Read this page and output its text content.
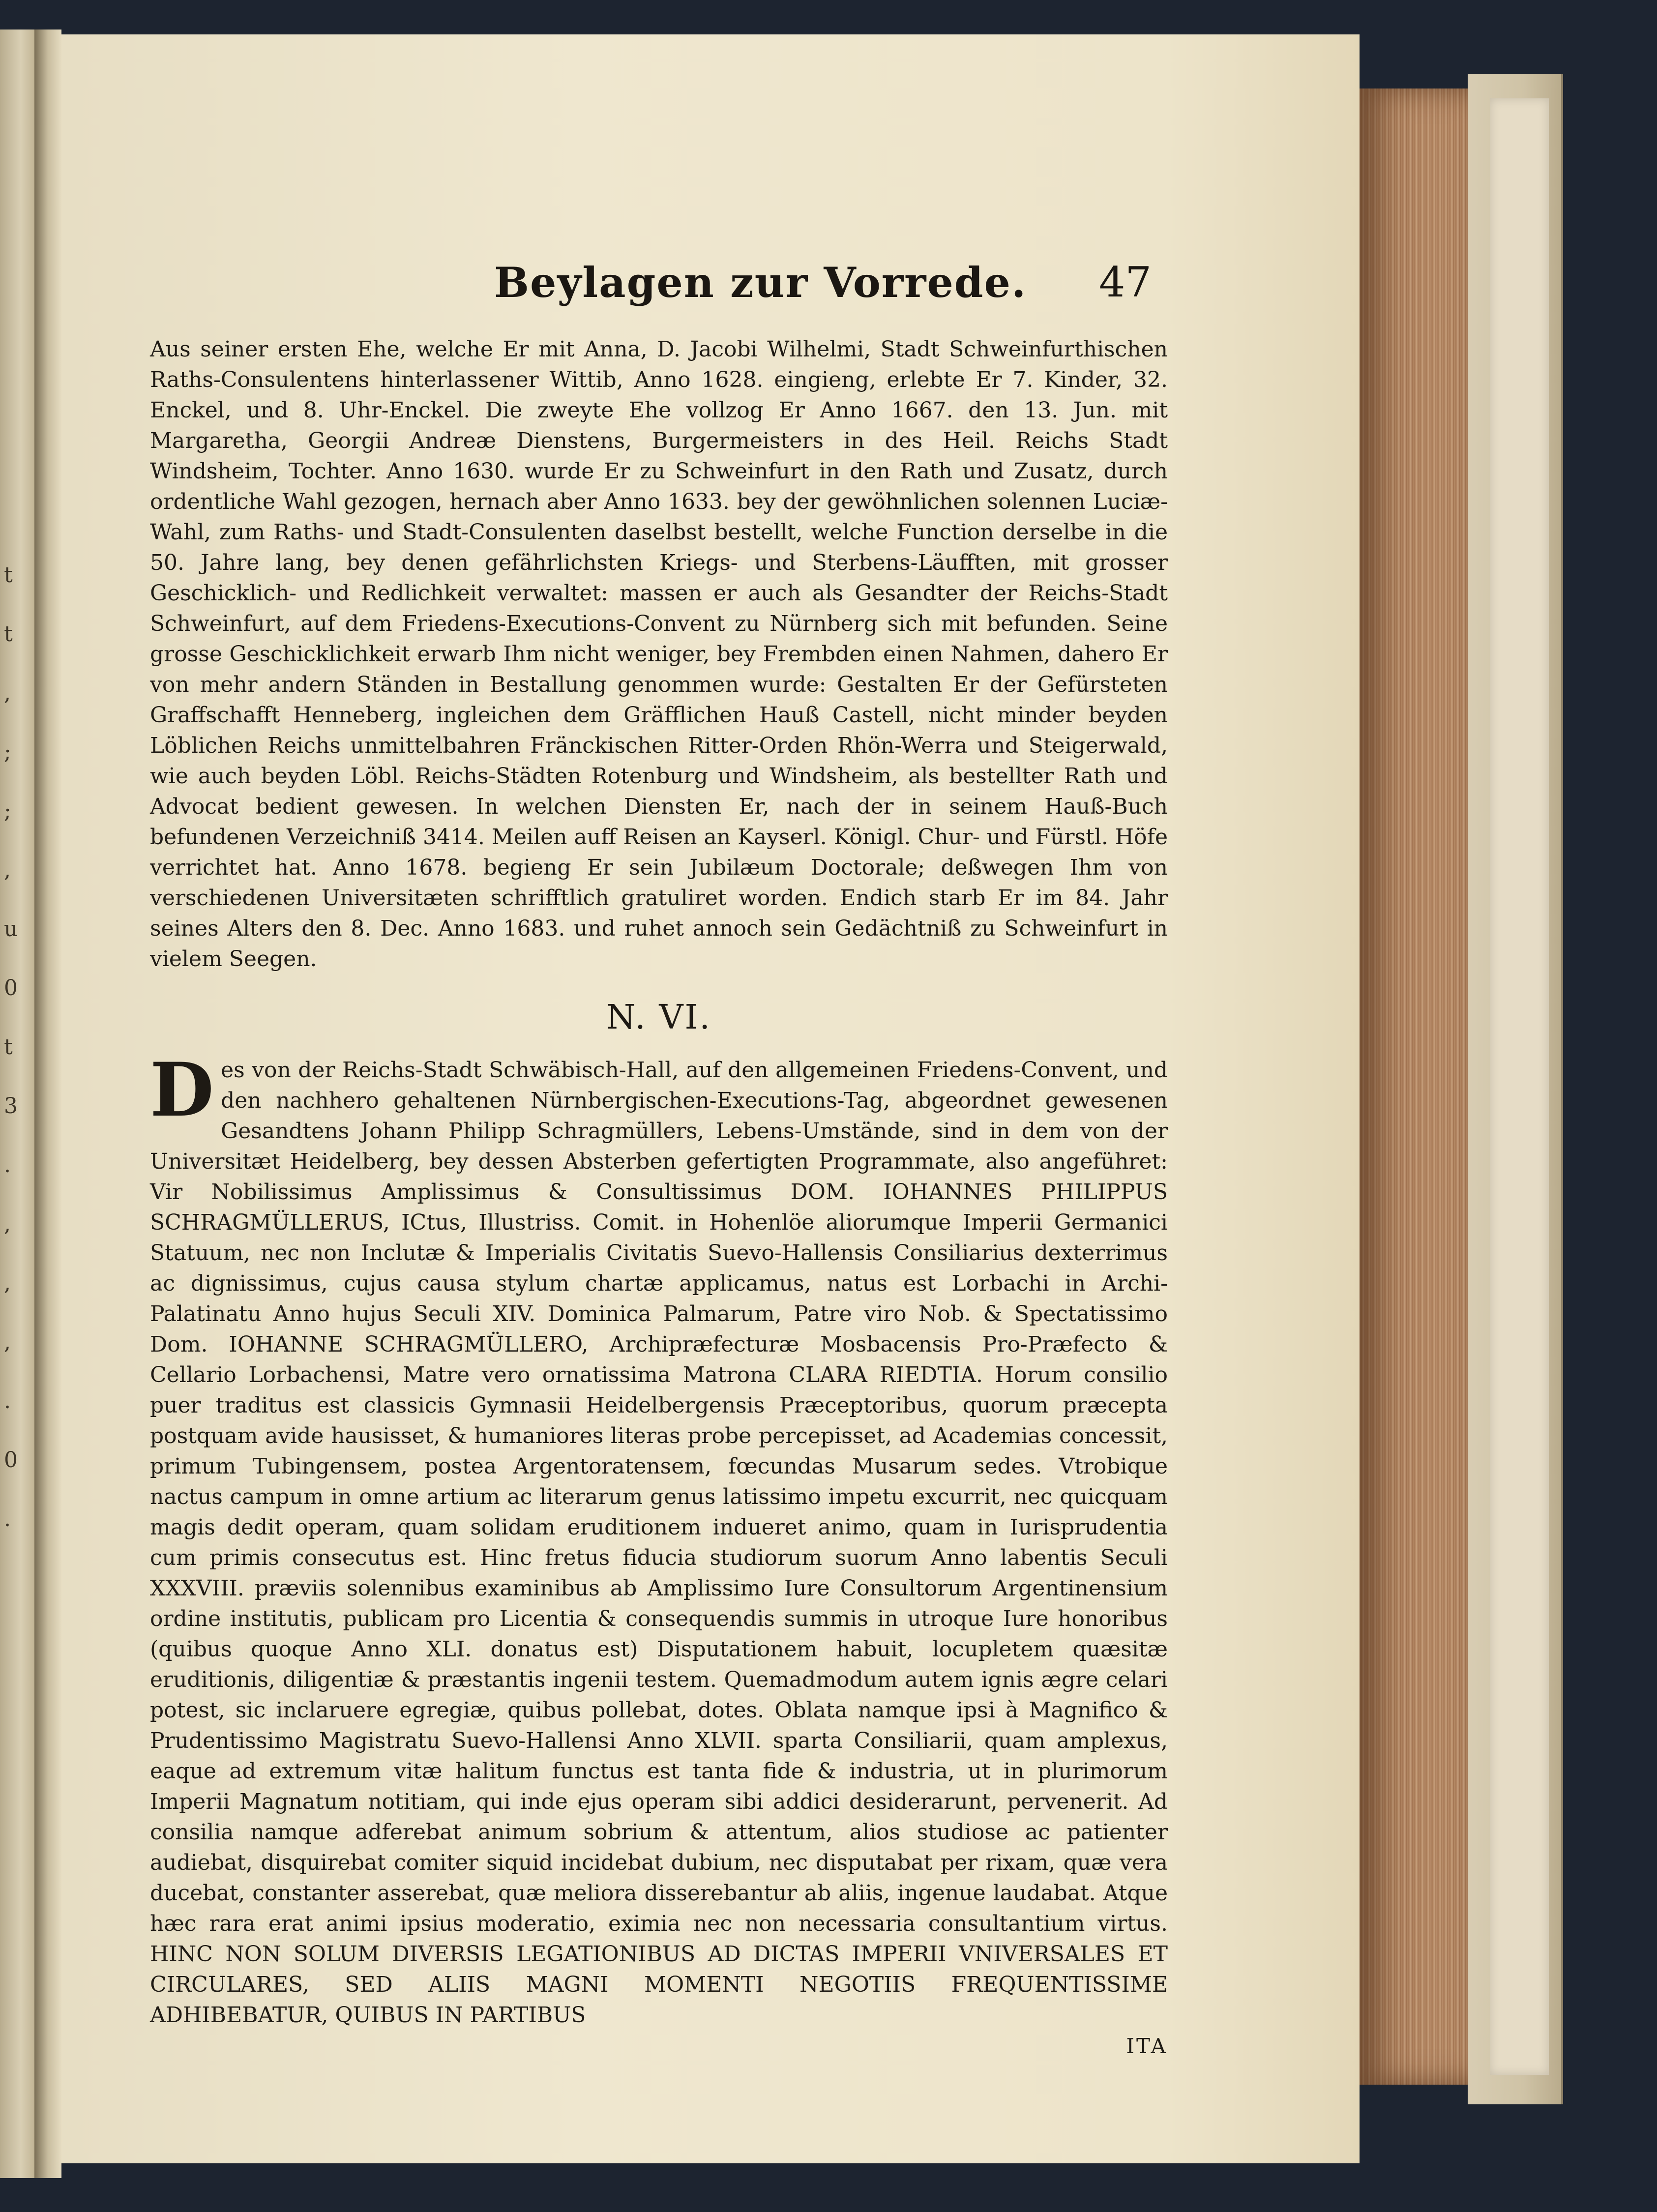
t
t
,
;
;
,
u
0
t
3
.
,
,
,
.
0
.
Beylagen zur Vorrede. 47

Aus seiner ersten Ehe, welche Er mit Anna, D. Jacobi Wilhelmi, Stadt Schweinfurthischen Raths-Consulentens hinterlassener Wittib, Anno 1628. eingieng, erlebte Er 7. Kinder, 32. Enckel, und 8. Uhr-Enckel. Die zweyte Ehe vollzog Er Anno 1667. den 13. Jun. mit Margaretha, Georgii Andreæ Dienstens, Burgermeisters in des Heil. Reichs Stadt Windsheim, Tochter. Anno 1630. wurde Er zu Schweinfurt in den Rath und Zusatz, durch ordentliche Wahl gezogen, hernach aber Anno 1633. bey der gewöhnlichen solennen Luciæ-Wahl, zum Raths- und Stadt-Consulenten daselbst bestellt, welche Function derselbe in die 50. Jahre lang, bey denen gefährlichsten Kriegs- und Sterbens-Läufften, mit grosser Geschicklich- und Redlichkeit verwaltet: massen er auch als Gesandter der Reichs-Stadt Schweinfurt, auf dem Friedens-Executions-Convent zu Nürnberg sich mit befunden. Seine grosse Geschicklichkeit erwarb Ihm nicht weniger, bey Frembden einen Nahmen, dahero Er von mehr andern Ständen in Bestallung genommen wurde: Gestalten Er der Gefürsteten Graffschafft Henneberg, ingleichen dem Gräfflichen Hauß Castell, nicht minder beyden Löblichen Reichs unmittelbahren Fränckischen Ritter-Orden Rhön-Werra und Steigerwald, wie auch beyden Löbl. Reichs-Städten Rotenburg und Windsheim, als bestellter Rath und Advocat bedient gewesen. In welchen Diensten Er, nach der in seinem Hauß-Buch befundenen Verzeichniß 3414. Meilen auff Reisen an Kayserl. Königl. Chur- und Fürstl. Höfe verrichtet hat. Anno 1678. begieng Er sein Jubilæum Doctorale; deßwegen Ihm von verschiedenen Universitæten schrifftlich gratuliret worden. Endich starb Er im 84. Jahr seines Alters den 8. Dec. Anno 1683. und ruhet annoch sein Gedächtniß zu Schweinfurt in vielem Seegen.

N. VI.

Des von der Reichs-Stadt Schwäbisch-Hall, auf den allgemeinen Friedens-Convent, und den nachhero gehaltenen Nürnbergischen-Executions-Tag, abgeordnet gewesenen Gesandtens Johann Philipp Schragmüllers, Lebens-Umstände, sind in dem von der Universitæt Heidelberg, bey dessen Absterben gefertigten Programmate, also angeführet: Vir Nobilissimus Amplissimus & Consultissimus DOM. IOHANNES PHILIPPUS SCHRAGMÜLLERUS, ICtus, Illustriss. Comit. in Hohenlöe aliorumque Imperii Germanici Statuum, nec non Inclutæ & Imperialis Civitatis Suevo-Hallensis Consiliarius dexterrimus ac dignissimus, cujus causa stylum chartæ applicamus, natus est Lorbachi in Archi-Palatinatu Anno hujus Seculi XIV. Dominica Palmarum, Patre viro Nob. & Spectatissimo Dom. IOHANNE SCHRAGMÜLLERO, Archipræfecturæ Mosbacensis Pro-Præfecto & Cellario Lorbachensi, Matre vero ornatissima Matrona CLARA RIEDTIA. Horum consilio puer traditus est classicis Gymnasii Heidelbergensis Præceptoribus, quorum præcepta postquam avide hausisset, & humaniores literas probe percepisset, ad Academias concessit, primum Tubingensem, postea Argentoratensem, fœcundas Musarum sedes. Vtrobique nactus campum in omne artium ac literarum genus latissimo impetu excurrit, nec quicquam magis dedit operam, quam solidam eruditionem indueret animo, quam in Iurisprudentia cum primis consecutus est. Hinc fretus fiducia studiorum suorum Anno labentis Seculi XXXVIII. præviis solennibus examinibus ab Amplissimo Iure Consultorum Argentinensium ordine institutis, publicam pro Licentia & consequendis summis in utroque Iure honoribus (quibus quoque Anno XLI. donatus est) Disputationem habuit, locupletem quæsitæ eruditionis, diligentiæ & præstantis ingenii testem. Quemadmodum autem ignis ægre celari potest, sic inclaruere egregiæ, quibus pollebat, dotes. Oblata namque ipsi à Magnifico & Prudentissimo Magistratu Suevo-Hallensi Anno XLVII. sparta Consiliarii, quam amplexus, eaque ad extremum vitæ halitum functus est tanta fide & industria, ut in plurimorum Imperii Magnatum notitiam, qui inde ejus operam sibi addici desiderarunt, pervenerit. Ad consilia namque adferebat animum sobrium & attentum, alios studiose ac patienter audiebat, disquirebat comiter siquid incidebat dubium, nec disputabat per rixam, quæ vera ducebat, constanter asserebat, quæ meliora disserebantur ab aliis, ingenue laudabat. Atque hæc rara erat animi ipsius moderatio, eximia nec non necessaria consultantium virtus. HINC NON SOLUM DIVERSIS LEGATIONIBUS AD DICTAS IMPERII VNIVERSALES ET CIRCULARES, SED ALIIS MAGNI MOMENTI NEGOTIIS FREQUENTISSIME ADHIBEBATUR, QUIBUS IN PARTIBUS

ITA
